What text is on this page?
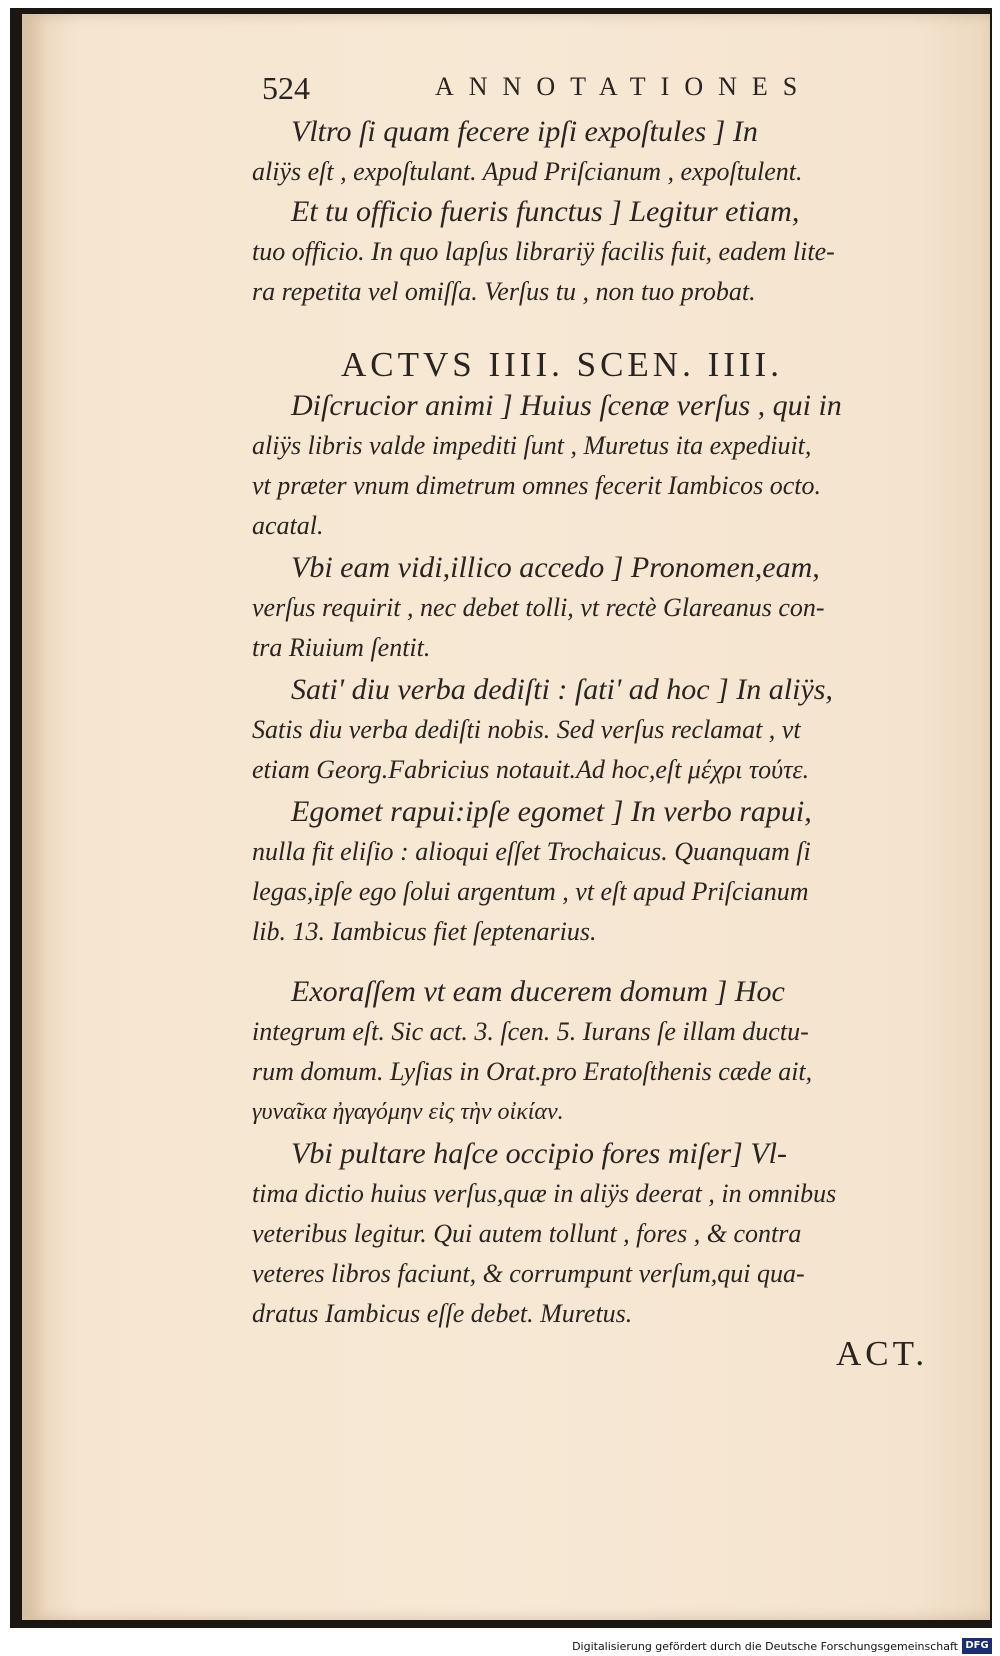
524	ANNOTATIONES
Vltro ſi quam fecere ipſi expoſtules ] In
aliÿs eſt , expoſtulant. Apud Priſcianum , expoſtulent.
Et tu officio fueris functus ] Legitur etiam,
tuo officio. In quo lapſus librariÿ facilis fuit, eadem lite-
ra repetita vel omiſſa. Verſus tu , non tuo probat.
ACTVS IIII. SCEN. IIII.
Diſcrucior animi ] Huius ſcenæ verſus , qui in
aliÿs libris valde impediti ſunt , Muretus ita expediuit,
vt præter vnum dimetrum omnes fecerit Iambicos octo.
acatal.
Vbi eam vidi,illico accedo ] Pronomen,eam,
verſus requirit , nec debet tolli, vt rectè Glareanus con-
tra Riuium ſentit.
Sati' diu verba dediſti : ſati' ad hoc ] In aliÿs,
Satis diu verba dediſti nobis. Sed verſus reclamat , vt
etiam Georg.Fabricius notauit.Ad hoc,eſt μέχρι τούτε.
Egomet rapui:ipſe egomet ] In verbo rapui,
nulla fit eliſio : alioqui eſſet Trochaicus. Quanquam ſi
legas,ipſe ego ſolui argentum , vt eſt apud Priſcianum
lib. 13. Iambicus fiet ſeptenarius.
Exoraſſem vt eam ducerem domum ] Hoc
integrum eſt. Sic act. 3. ſcen. 5. Iurans ſe illam ductu-
rum domum. Lyſias in Orat.pro Eratoſthenis cæde ait,
γυναῖκα ἠγαγόμην εἰς τὴν οἰκίαν.
Vbi pultare haſce occipio fores miſer] Vl-
tima dictio huius verſus,quæ in aliÿs deerat , in omnibus
veteribus legitur. Qui autem tollunt , fores , & contra
veteres libros faciunt, & corrumpunt verſum,qui qua-
dratus Iambicus eſſe debet. Muretus.
ACT.
Digitalisierung gefördert durch die Deutsche Forschungsgemeinschaft DFG
